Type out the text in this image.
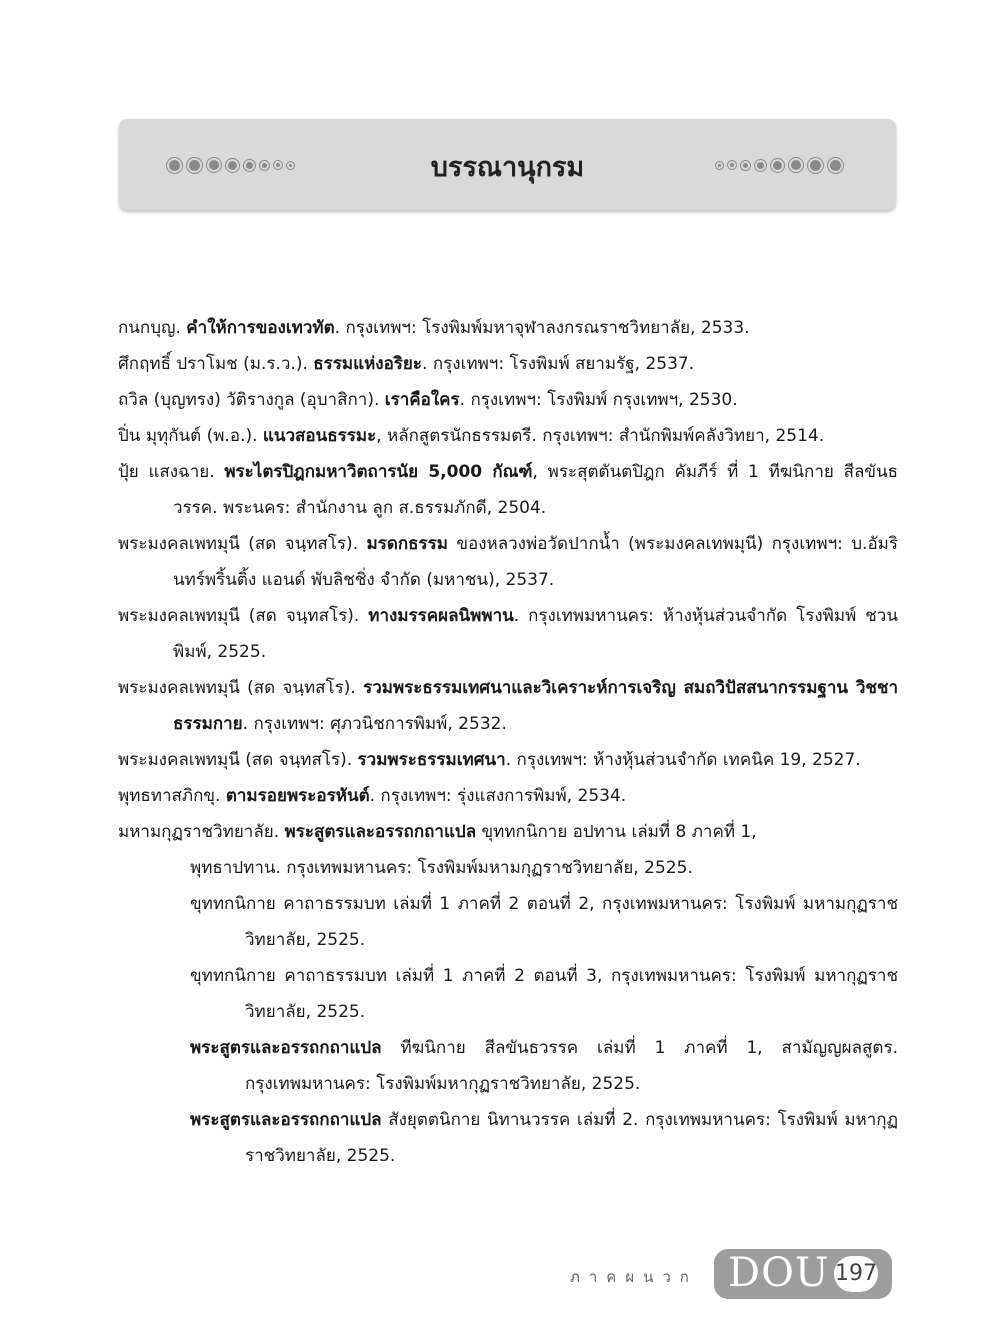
บรรณานุกรม

กนกบุญ. คำให้การของเทวทัต. กรุงเทพฯ: โรงพิมพ์มหาจุฬาลงกรณราชวิทยาลัย, 2533.

ศึกฤทธิ์ ปราโมช (ม.ร.ว.). ธรรมแห่งอริยะ. กรุงเทพฯ: โรงพิมพ์ สยามรัฐ, 2537.

ถวิล (บุญทรง) วัติรางกูล (อุบาสิกา). เราคือใคร. กรุงเทพฯ: โรงพิมพ์ กรุงเทพฯ, 2530.

ปิ่น มุทุกันต์ (พ.อ.). แนวสอนธรรมะ, หลักสูตรนักธรรมตรี. กรุงเทพฯ: สำนักพิมพ์คลังวิทยา, 2514.

ปุ้ย แสงฉาย. พระไตรปิฎกมหาวิตถารนัย 5,000 กัณฑ์, พระสุตตันตปิฎก คัมภีร์ ที่ 1 ทีฆนิกาย สีลขันธวรรค. พระนคร: สำนักงาน ลูก ส.ธรรมภักดี, 2504.

พระมงคลเพทมุนี (สด จนฺทสโร). มรดกธรรม ของหลวงพ่อวัดปากน้ำ (พระมงคลเทพมุนี) กรุงเทพฯ: บ.อัมรินทร์พริ้นติ้ง แอนด์ พับลิชชิ่ง จำกัด (มหาชน), 2537.

พระมงคลเพทมุนี (สด จนฺทสโร). ทางมรรคผลนิพพาน. กรุงเทพมหานคร: ห้างหุ้นส่วนจำกัด โรงพิมพ์ ชวนพิมพ์, 2525.

พระมงคลเพทมุนี (สด จนฺทสโร). รวมพระธรรมเทศนาและวิเคราะห์การเจริญ สมถวิปัสสนากรรมฐาน วิชชาธรรมกาย. กรุงเทพฯ: ศุภวนิชการพิมพ์, 2532.

พระมงคลเพทมุนี (สด จนฺทสโร). รวมพระธรรมเทศนา. กรุงเทพฯ: ห้างหุ้นส่วนจำกัด เทคนิค 19, 2527.

พุทธทาสภิกขุ. ตามรอยพระอรหันต์. กรุงเทพฯ: รุ่งแสงการพิมพ์, 2534.

มหามกุฏราชวิทยาลัย. พระสูตรและอรรถกถาแปล ขุททกนิกาย อปทาน เล่มที่ 8 ภาคที่ 1,

พุทธาปทาน. กรุงเทพมหานคร: โรงพิมพ์มหามกุฏราชวิทยาลัย, 2525.

ขุททกนิกาย คาถาธรรมบท เล่มที่ 1 ภาคที่ 2 ตอนที่ 2, กรุงเทพมหานคร: โรงพิมพ์ มหามกุฏราชวิทยาลัย, 2525.

ขุททกนิกาย คาถาธรรมบท เล่มที่ 1 ภาคที่ 2 ตอนที่ 3, กรุงเทพมหานคร: โรงพิมพ์ มหากุฏราชวิทยาลัย, 2525.

พระสูตรและอรรถกถาแปล ทีฆนิกาย สีลขันธวรรค เล่มที่ 1 ภาคที่ 1, สามัญญผลสูตร. กรุงเทพมหานคร: โรงพิมพ์มหากุฏราชวิทยาลัย, 2525.

พระสูตรและอรรถกถาแปล สังยุตตนิกาย นิทานวรรค เล่มที่ 2. กรุงเทพมหานคร: โรงพิมพ์ มหากุฏราชวิทยาลัย, 2525.

ภาคผนวก DOU 197
